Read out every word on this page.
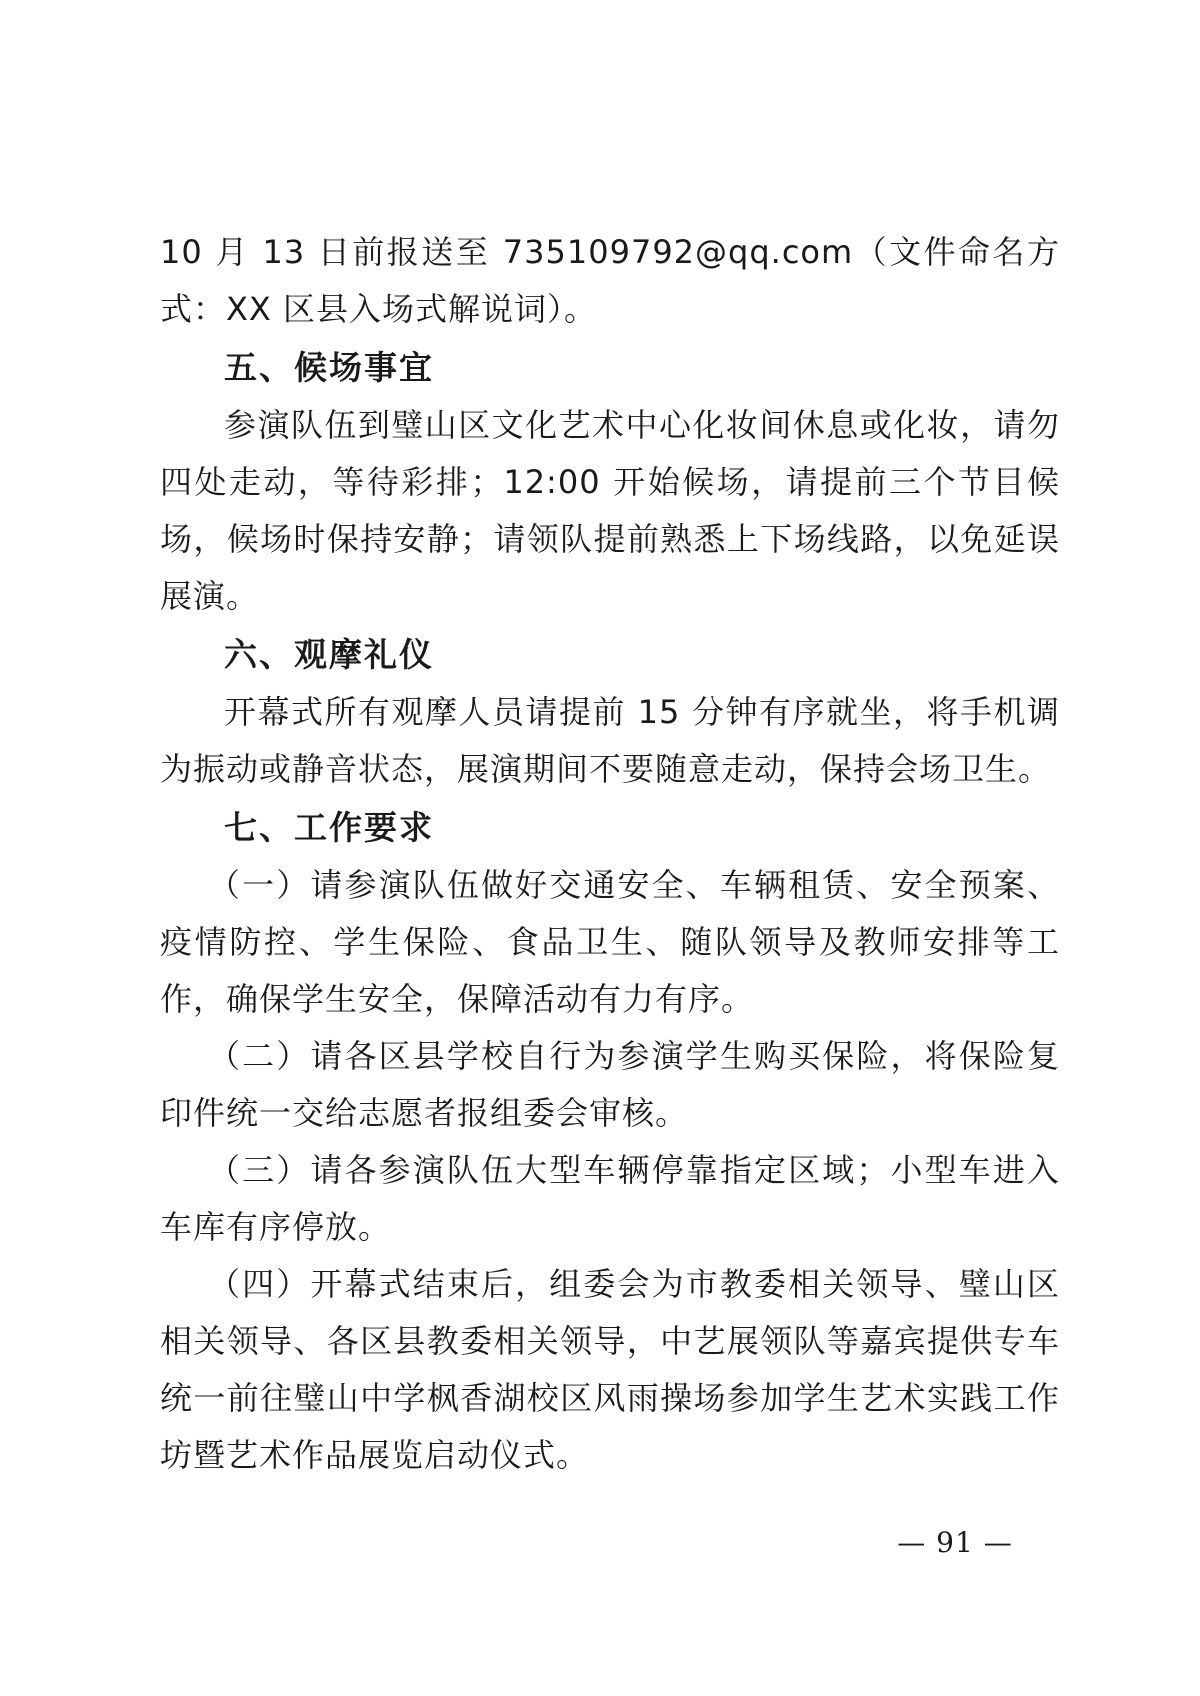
10 月 13 日前报送至 735109792@qq.com（文件命名方式：XX 区县入场式解说词）。

五、候场事宜

参演队伍到璧山区文化艺术中心化妆间休息或化妆，请勿四处走动，等待彩排；12:00 开始候场，请提前三个节目候场，候场时保持安静；请领队提前熟悉上下场线路，以免延误展演。

六、观摩礼仪

开幕式所有观摩人员请提前 15 分钟有序就坐，将手机调为振动或静音状态，展演期间不要随意走动，保持会场卫生。

七、工作要求

（一）请参演队伍做好交通安全、车辆租赁、安全预案、疫情防控、学生保险、食品卫生、随队领导及教师安排等工作，确保学生安全，保障活动有力有序。

（二）请各区县学校自行为参演学生购买保险，将保险复印件统一交给志愿者报组委会审核。

（三）请各参演队伍大型车辆停靠指定区域；小型车进入车库有序停放。

（四）开幕式结束后，组委会为市教委相关领导、璧山区相关领导、各区县教委相关领导，中艺展领队等嘉宾提供专车统一前往璧山中学枫香湖校区风雨操场参加学生艺术实践工作坊暨艺术作品展览启动仪式。

— 91 —
